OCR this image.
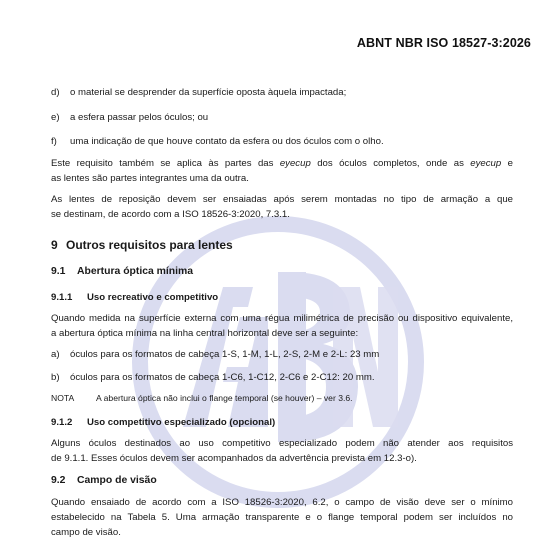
ABNT NBR ISO 18527-3:2026
d) o material se desprender da superfície oposta àquela impactada;
e) a esfera passar pelos óculos; ou
f) uma indicação de que houve contato da esfera ou dos óculos com o olho.
Este requisito também se aplica às partes das eyecup dos óculos completos, onde as eyecup e
as lentes são partes integrantes uma da outra.
As lentes de reposição devem ser ensaiadas após serem montadas no tipo de armação a que
se destinam, de acordo com a ISO 18526-3:2020, 7.3.1.
9 Outros requisitos para lentes
9.1 Abertura óptica mínima
9.1.1 Uso recreativo e competitivo
Quando medida na superfície externa com uma régua milimétrica de precisão ou dispositivo equivalente,
a abertura óptica mínima na linha central horizontal deve ser a seguinte:
a) óculos para os formatos de cabeça 1-S, 1-M, 1-L, 2-S, 2-M e 2-L: 23 mm
b) óculos para os formatos de cabeça 1-C6, 1-C12, 2-C6 e 2-C12: 20 mm.
NOTA	A abertura óptica não inclui o flange temporal (se houver) – ver 3.6.
9.1.2 Uso competitivo especializado (opcional)
Alguns óculos destinados ao uso competitivo especializado podem não atender aos requisitos
de 9.1.1. Esses óculos devem ser acompanhados da advertência prevista em 12.3-o).
9.2 Campo de visão
Quando ensaiado de acordo com a ISO 18526-3:2020, 6.2, o campo de visão deve ser o mínimo
estabelecido na Tabela 5. Uma armação transparente e o flange temporal podem ser incluídos no
campo de visão.
